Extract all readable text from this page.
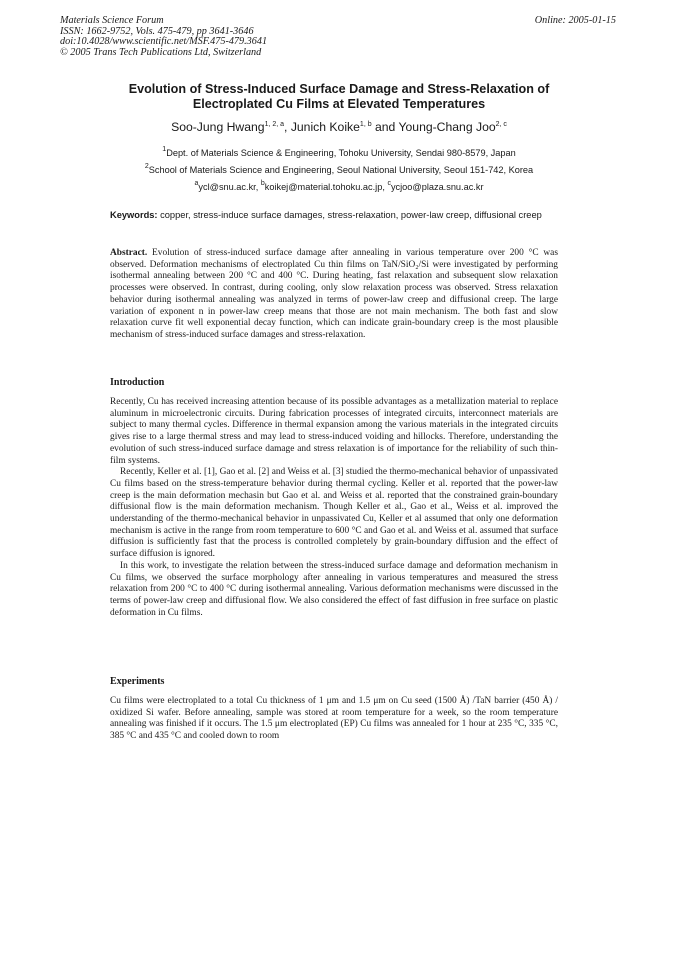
Materials Science Forum
ISSN: 1662-9752, Vols. 475-479, pp 3641-3646
doi:10.4028/www.scientific.net/MSF.475-479.3641
© 2005 Trans Tech Publications Ltd, Switzerland
Online: 2005-01-15
Evolution of Stress-Induced Surface Damage and Stress-Relaxation of
Electroplated Cu Films at Elevated Temperatures
Soo-Jung Hwang$^{1, 2, a}$, Junich Koike$^{1, b}$ and Young-Chang Joo$^{2, c}$
$^1$Dept. of Materials Science & Engineering, Tohoku University, Sendai 980-8579, Japan
$^2$School of Materials Science and Engineering, Seoul National University, Seoul 151-742, Korea
$^a$ycl@snu.ac.kr, $^b$koikej@material.tohoku.ac.jp, $^c$ycjoo@plaza.snu.ac.kr
Keywords: copper, stress-induce surface damages, stress-relaxation, power-law creep, diffusional creep

Abstract. Evolution of stress-induced surface damage after annealing in various temperature over 200 °C was observed. Deformation mechanisms of electroplated Cu thin films on TaN/SiO₂/Si were investigated by performing isothermal annealing between 200 °C and 400 °C. During heating, fast relaxation and subsequent slow relaxation processes were observed. In contrast, during cooling, only slow relaxation process was observed. Stress relaxation behavior during isothermal annealing was analyzed in terms of power-law creep and diffusional creep. The large variation of exponent n in power-law creep means that those are not main mechanism. The both fast and slow relaxation curve fit well exponential decay function, which can indicate grain-boundary creep is the most plausible mechanism of stress-induced surface damages and stress-relaxation.

Introduction

Recently, Cu has received increasing attention because of its possible advantages as a metallization material to replace aluminum in microelectronic circuits. During fabrication processes of integrated circuits, interconnect materials are subject to many thermal cycles. Difference in thermal expansion among the various materials in the integrated circuits gives rise to a large thermal stress and may lead to stress-induced voiding and hillocks. Therefore, understanding the evolution of such stress-induced surface damage and stress relaxation is of importance for the reliability of such thin-film systems.

Recently, Keller et al. [1], Gao et al. [2] and Weiss et al. [3] studied the thermo-mechanical behavior of unpassivated Cu films based on the stress-temperature behavior during thermal cycling. Keller et al. reported that the power-law creep is the main deformation mechasin but Gao et al. and Weiss et al. reported that the constrained grain-boundary diffusional flow is the main deformation mechanism. Though Keller et al., Gao et al., Weiss et al. improved the understanding of the thermo-mechanical behavior in unpassivated Cu, Keller et al assumed that only one deformation mechanism is active in the range from room temperature to 600 °C and Gao et al. and Weiss et al. assumed that surface diffusion is sufficiently fast that the process is controlled completely by grain-boundary diffusion and the effect of surface diffusion is ignored.

In this work, to investigate the relation between the stress-induced surface damage and deformation mechanism in Cu films, we observed the surface morphology after annealing in various temperatures and measured the stress relaxation from 200 °C to 400 °C during isothermal annealing. Various deformation mechanisms were discussed in the terms of power-law creep and diffusional flow. We also considered the effect of fast diffusion in free surface on plastic deformation in Cu films.

Experiments

Cu films were electroplated to a total Cu thickness of 1 μm and 1.5 μm on Cu seed (1500 Å) /TaN barrier (450 Å) / oxidized Si wafer. Before annealing, sample was stored at room temperature for a week, so the room temperature annealing was finished if it occurs. The 1.5 μm electroplated (EP) Cu films was annealed for 1 hour at 235 °C, 335 °C, 385 °C and 435 °C and cooled down to room
